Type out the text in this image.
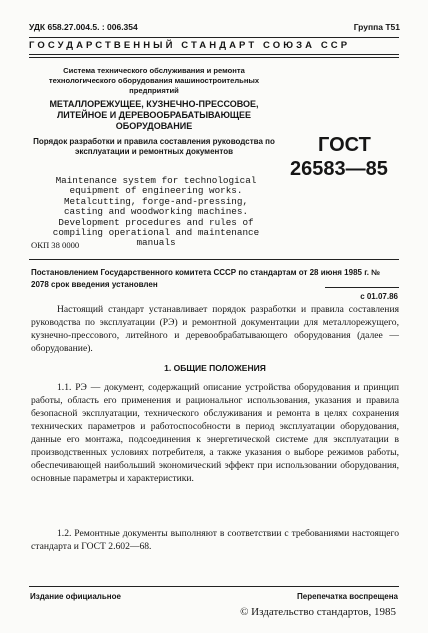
УДК 658.27.004.5. : 006.354	Группа Т51
ГОСУДАРСТВЕННЫЙ СТАНДАРТ СОЮЗА ССР
Система технического обслуживания и ремонта технологического оборудования машиностроительных предприятий
МЕТАЛЛОРЕЖУЩЕЕ, КУЗНЕЧНО-ПРЕССОВОЕ, ЛИТЕЙНОЕ И ДЕРЕВООБРАБАТЫВАЮЩЕЕ ОБОРУДОВАНИЕ
Порядок разработки и правила составления руководства по эксплуатации и ремонтных документов	ГОСТ
26583—85
Maintenance system for technological equipment of engineering works. Metalcutting, forge-and-pressing, casting and woodworking machines. Development procedures and rules of compiling operational and maintenance manuals
ОКП 38 0000
Постановлением Государственного комитета СССР по стандартам от 28 июня 1985 г. № 2078 срок введения установлен
с 01.07.86
Настоящий стандарт устанавливает порядок разработки и правила составления руководства по эксплуатации (РЭ) и ремонтной документации для металлорежущего, кузнечно-прессового, литейного и деревообрабатывающего оборудования (далее — оборудование).
1. ОБЩИЕ ПОЛОЖЕНИЯ
1.1. РЭ — документ, содержащий описание устройства оборудования и принцип работы, область его применения и рациональног использования, указания и правила безопасной эксплуатации, технического обслуживания и ремонта в целях сохранения технических параметров и работоспособности в период эксплуатации оборудования, данные его монтажа, подсоединения к энергетической системе для эксплуатации в производственных условиях потребителя, а также указания о выборе режимов работы, обеспечивающей наибольший экономический эффект при использовании оборудования, основные параметры и характеристики.
1.2. Ремонтные документы выполняют в соответствии с требованиями настоящего стандарта и ГОСТ 2.602—68.
Издание официальное	Перепечатка воспрещена
© Издательство стандартов, 1985
